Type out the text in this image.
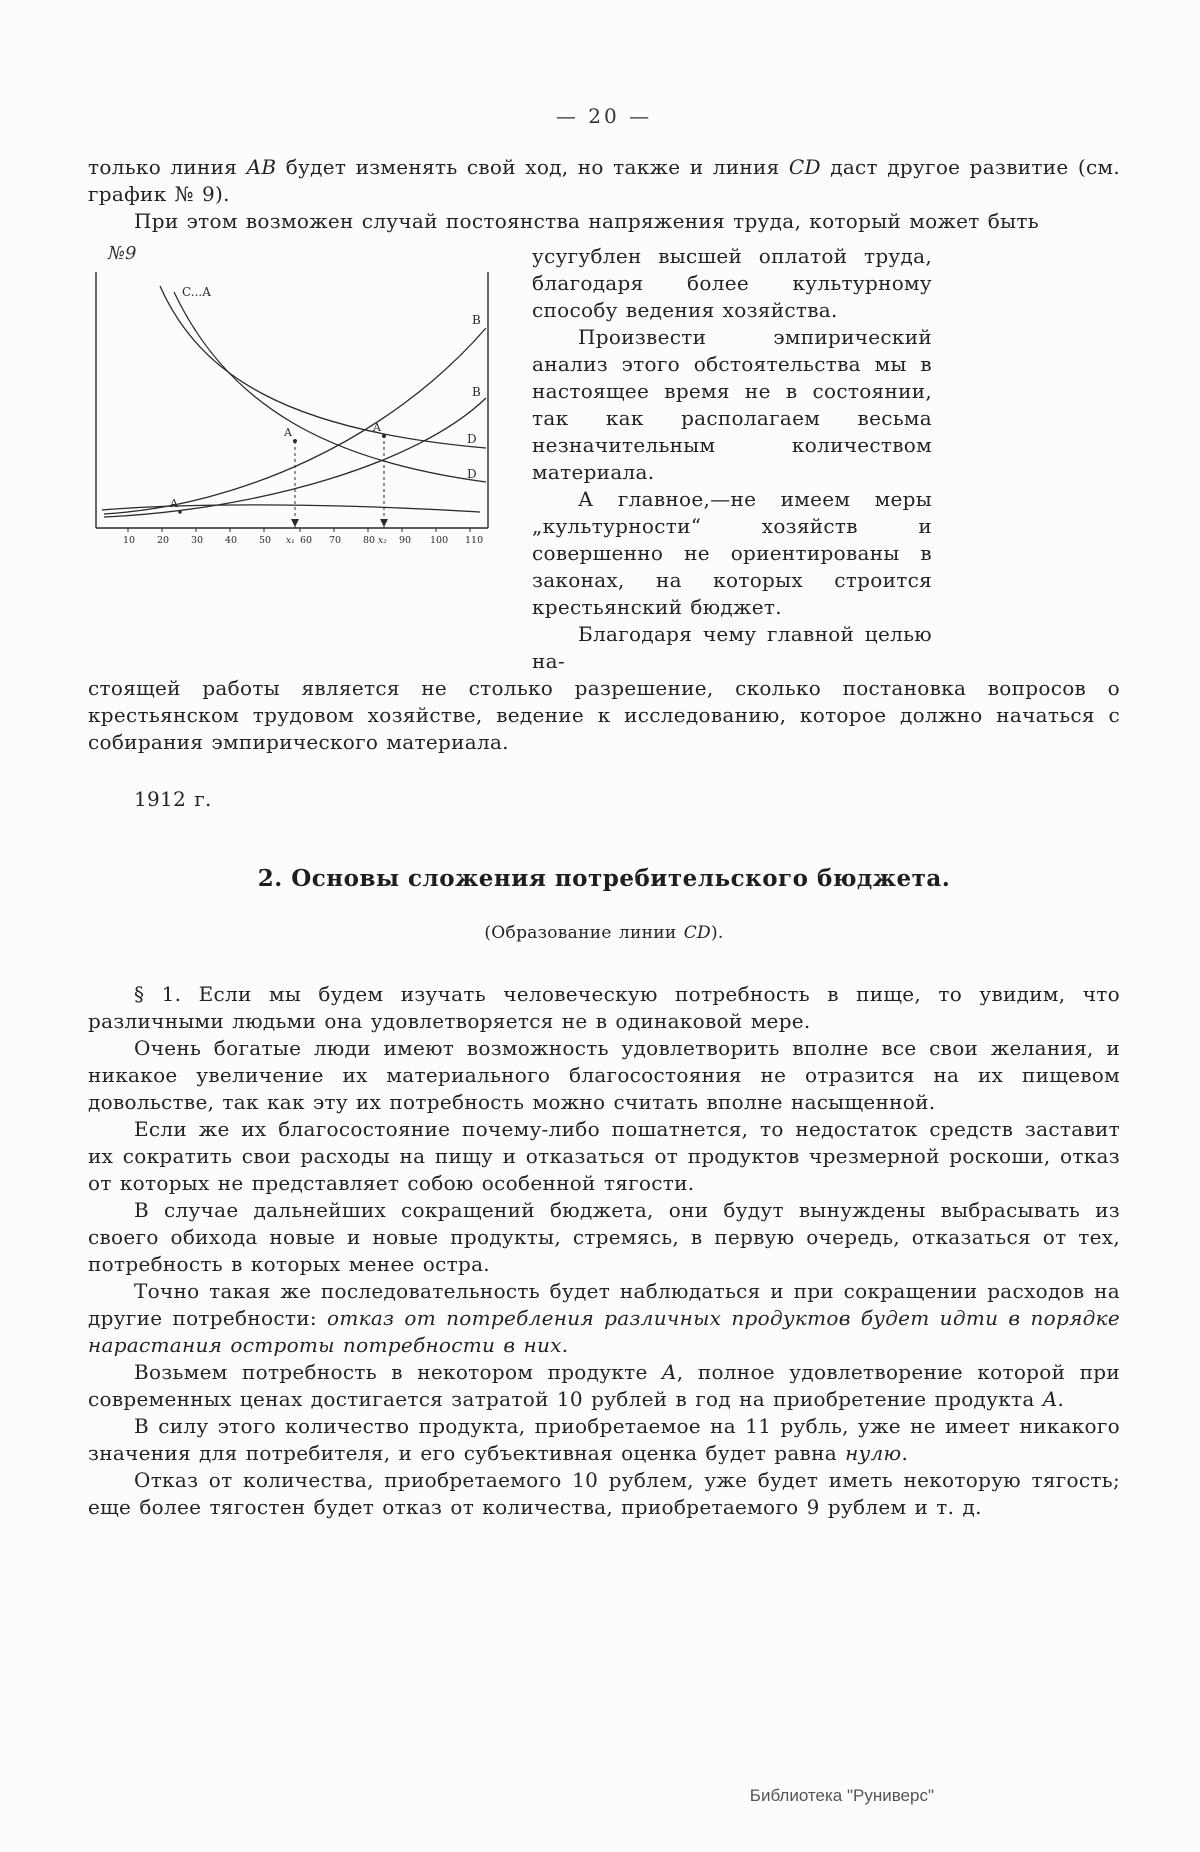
— 20 —

только линия AB будет изменять свой ход, но также и линия CD даст другое развитие (см. график № 9).

При этом возможен случай постоянства напряжения труда, который может быть

№9
C...A
B
B
D
D
A
A	A
10 20 30 40 50	60 70 80	90 100 110
x₁	x₂

усугублен высшей оплатой труда, благодаря более культурному способу ведения хозяйства.

Произвести эмпирический анализ этого обстоятельства мы в настоящее время не в состоянии, так как располагаем весьма незначительным количеством материала.

А главное,—не имеем меры „культурности“ хозяйств и совершенно не ориентированы в законах, на которых строится крестьянский бюджет.

Благодаря чему главной целью на-

стоящей работы является не столько разрешение, сколько постановка вопросов о крестьянском трудовом хозяйстве, ведение к исследованию, которое должно начаться с собирания эмпирического материала.

1912 г.

2. Основы сложения потребительского бюджета.

(Образование линии CD).

§ 1. Если мы будем изучать человеческую потребность в пище, то увидим, что различными людьми она удовлетворяется не в одинаковой мере.

Очень богатые люди имеют возможность удовлетворить вполне все свои желания, и никакое увеличение их материального благосостояния не отразится на их пищевом довольстве, так как эту их потребность можно считать вполне насыщенной.

Если же их благосостояние почему-либо пошатнется, то недостаток средств заставит их сократить свои расходы на пищу и отказаться от продуктов чрезмерной роскоши, отказ от которых не представляет собою особенной тягости.

В случае дальнейших сокращений бюджета, они будут вынуждены выбрасывать из своего обихода новые и новые продукты, стремясь, в первую очередь, отказаться от тех, потребность в которых менее остра.

Точно такая же последовательность будет наблюдаться и при сокращении расходов на другие потребности: отказ от потребления различных продуктов будет идти в порядке нарастания остроты потребности в них.

Возьмем потребность в некотором продукте A, полное удовлетворение которой при современных ценах достигается затратой 10 рублей в год на приобретение продукта A.

В силу этого количество продукта, приобретаемое на 11 рубль, уже не имеет никакого значения для потребителя, и его субъективная оценка будет равна нулю.

Отказ от количества, приобретаемого 10 рублем, уже будет иметь некоторую тягость; еще более тягостен будет отказ от количества, приобретаемого 9 рублем и т. д.

Библиотека "Руниверс"
